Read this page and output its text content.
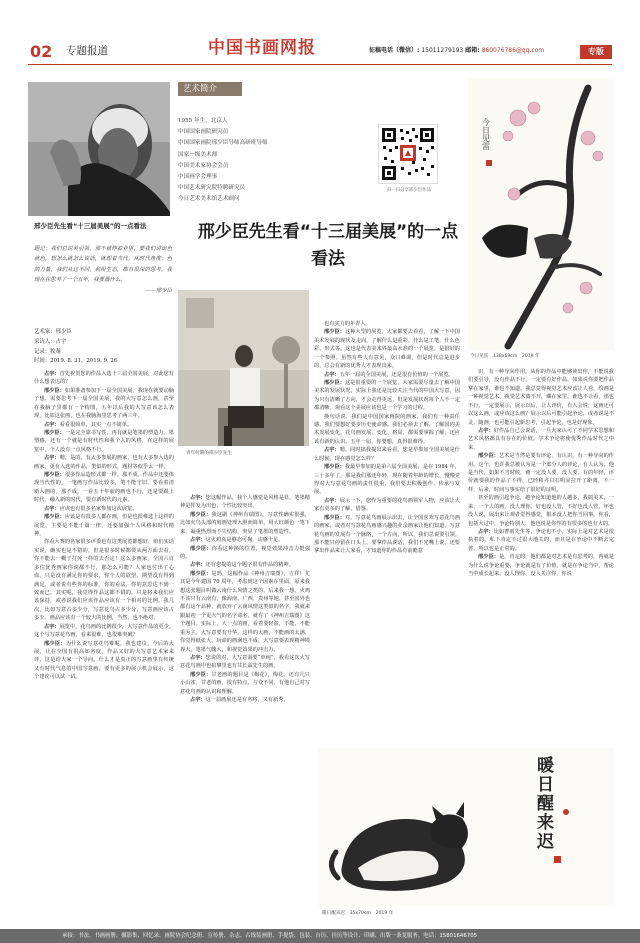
02 专题报道	中国书画网报	征稿电话（微信）: 15011279193 邮箱: 860076786@qq.com	专版
邢少臣先生看“十三届美展”的一点看法

题记：我们总说美引领，那不就伸着业里，要我们讲出色就色，想怎么就怎么说话，就想着当代。从时代角度：色的力量，我们从这不同，利用生态，都有很深的思考，我现在在思考了一个五年，我要画什么。

——邢少臣

艺术家：邢少臣
采访人：占宇
记录：牧菴
时间：2019. 8. 31，2019. 9. 26

占宇：首先祝贺您的作品入选十三届全国美展，对此您有什么想表达的？

邢少臣：如果准备参加下一届全国美展，我现在就要动脑子想。需要思考下一届全国美展，我的大写意怎么画，甚至在我脑子里都有一个构图，五年以后我的大写意该怎么表现，比如这张画，也在我脑海里思考了两三年。

占宇：看看很简单，其实一点不简单。

邢少臣：一是完全靠书写性，再有就是笔墨的塑造力，墨塑感，还有一个就是有时代性和我个人的风格，在这样的展览中，个人没有一点风格不行。

占宇：嗯，是的。有太多参展的画家，也有太多参入选的画家，更有入选的作品，类似的形式，题材等似乎太一样。

邢少臣：很多作品造形式都一样。那不成。作品中还要体现当代性的，一笔画写作品比较多，笔不能守旧，要看着清新入画的。那不成，一看五十年前的画也不行，还是要跟上时代，融入新的时代，要有新时代的元素。

占宇：应该也有很多名家参加这次展览。

邢少臣：应该是有很多人都在画，但是也很难选上这样的展览，主要是不能千篇一律，还要加强个人风格和时代精神。

你看大赛的名家很多评委也有这类展览都想好，咱们实话实说，确实也是不错的。但是很多时候都要从两方面去看，你不能去一概子打死一样的去否定！这么多画家，全国六百多位优秀画家你说都不行，那怎么可能？人家也付出了心血。只是没有满足你的要求，你个人的欲望，期望没有得到满足，或者说有些你的标准，你的看法，你的意思达不到一致而已。其实呢，我觉得作品这都不错的。只是将来我们应该保持，或者说我们应该作品应该有一个相对的比例。我几次，比如写意占多少分，写意花鸟占多少分，写意画应该占多少。画品应该有一个较大的比例，当然，也不绝对。

占宇：展览中，花鸟画的比例很少，大写意作品的更少。这个与写意花鸟画，看来很难，也很难突破？

邢少臣：为什么说写意花鸟难呢，我也建议，今后的大展，让在全国有很高知名度，作品又好的大写意艺术家来评，这是给大家一个导向。什么才是真正的写意画里有传统又有时代气息的中国写意画。要有更多的展示机会展示，这个建议可以试一试。

艺术简介
1955 年生，北京人
中国国家画院研究员
中国国家画院邢少臣导师高研班导师
国家一级美术师
中国美术家协会会员
中国画学会理事
中国艺术研究院特聘研究员
今日艺术美术馆艺术顾问
扫一扫分享邢少臣作品
邢少臣先生看“十三届美展”的一点看法
青年时期的邢少臣先生

占宇：您这幅作品，我个人感觉是风格是显，笔墨精神是挥发为出色，个性比较突出。

邢少臣：我这副《神州有瑞图》，写意性确实很强，比如火鸟头部的刻画处理大胆而简单，用大红颜色一笔下来，凝重热烈而不失结构，突显了笔墨的塑造性。

占宇：这火鸡真是憨态可掬，动感十足。

邢少臣：你看这种换的位置，视觉效果冲击力挺强的。

占宇：还有您提的这个题字很有作品的精神。

邢少臣：是吗，这幅作品《神州吉瑞图》，吉祥！尤其是今年建国 70 周年，考虑到这个因素在里面。原来我想这张题目叫做云南什么风情之类的，后来我一想，火鸡不该只有云南有，像海南、广西，贵州等地。甚至国外也都有这个品种，就放弃了云南风情这类似的名字。我就来跟最初一个更大气的名字命名，就有了《神州吉瑞图》这个题目。实际上，大一点的画，看着要轻盈，不能，不能重为主，大写意要有升华。这样的大画，不能画的太满，你觉得纸张大，玩命的画满也不成，大写意要表现精神境界大，笔墨气魄大，和视觉效果的冲击力。

占宇：您说的对，大写意需要“单纯”，我看这次大写意花鸟画中也拍攀里也有甘长霖先生的画。

邢少臣：甘老画的题目是《梅花》，梅花、还有几只小山雀。甘老的画，很有特点，与众不同，有他自己对写意花鸟画的认识和理解。

占宇：这一届画展还是有名将，又有新秀，

也有实力的年青人。

邢少臣：这种大型的展览，大家都要去看看，了解一下中国美术发展的现状及走向，了解什么是重彩、什么是工笔，什么色彩、形式等，这也是代表美术界最高水准的一个展览，是很好的一个参照。虽然有些人有意见，众口难调，但是时代总是进步的，总会有新的优秀人才表现出来。

占宇：五年一届的全国美展，还是很有价值的一个展览。

邢少臣：这是很重要的一个展览，大家需要尽量去了解中国美术的发展状况，实际上我还是比较关注当代的中国大写意，因为只有清晰了方向，才会走得更远，但是发展状况每个人不一定都清晰，观看这个美展应该也是一个学习的过程。

换句话说，我们是中国国家画院的画家，我们有一种责任感，我们要想好要步历史使命感。我们必须去了解，了解国内美术发展变化，花鸟画发展、变化、格局，都需要掌握了解，还应该有新的认识，五年一届，你要想，真得很难得。

占宇：嗯。同时搞我提出来看看，您是早参加全国美展是什么时候，现在感觉怎么样？

邢少臣：我最早参加的是第六届全国美展，是在 1984 年，三十多年了，那是我们那还年轻，现在随着年龄的增长，慢慢觉得对大写意花鸟画的责任很重，我们要去积极创作、传承与发展。

占宇：展示一下，您作为重要的花鸟画领军人物，应该让大家有更多的了解、借鉴。

邢少臣：对。写意花鸟画展示出去，让全国喜欢写意花鸟画的画家，或者对写意花鸟画感兴趣的业余画家让他们知道，写意花鸟画的发展有一个脉络，一个方向，所以，我们总说要引领。那不能只停留在口头上，要拿作品说话，我们不光嘴上说，还要拿出作品来让人家看，才知道你的作品有前瞻意

今日见雷
今日见雷　138x69cm　2019 年

识，有一种导向作用。从你的作品中能够读出你，不能说我们要引导，没有作品不行，一定要有好作品，如果说你要把作品拿在家里，谁也不知道。我总觉得视觉艺术应该让人看，绘画是一种视觉艺术，视觉艺术离不开，藏在家里，谁也不让看，那也不行，一定要展示，展示以后，让人评价，有人会说，这画还可以这么画，或应该这么画？展示以后可能引起争论，或者说是不灵，随画；也可能引起新思考，引起争论，也是好现象。

占宇：好作品自己会说话，一旦大家认可了不同学术思想和艺术风格都具有存在的价值，学术争论将使优秀作品时代之中来。

邢少臣：艺术是当然是要有评论，有认识，有一种导向的作用，这个，也许我总被认为是一个部分人的评论，有人认为，他是当代，如果不当时候，画一定没人要。没人要，有的年轻，评价就要我的作品了不得，已经和齐白石明显拉开了距离，不一样，后来，时间与事实给了很好的证明。

甚至的画引起争论，越争论知道他的人越多，我搞美术，一来，一个人的画，没人理你，好也没人管，不好也没人管，坏也没人说，展出来让观者觉得感觉，根本没人把你当回事，你看，包括大过中，争论特别大，他也说是你作的有很多的也有大的。

占宇：比如曹雨先生等，争论也不小，实际上是对艺术是很执着的，私下肯定不过很大地关的，而且是在争论中不断去完善，所以也是正常的。

邢少臣：是，肯定的，他们都是对艺术是有思考的，再就是为什么说争论重要，争论就是有了价值，就是在争论当中，帮论当中成长起来。没人理你，没人关注你，你说

暖日醒来迟
暖日醒来迟　35x70cm　2019 年
承接：书法、书画画册、摄影集、回忆录、画院协会纪念册、宣传册、杂志、古线装画册、手提袋、包装、台历、挂历等设计、印刷、出版一条龙服务。电话：15801646705
